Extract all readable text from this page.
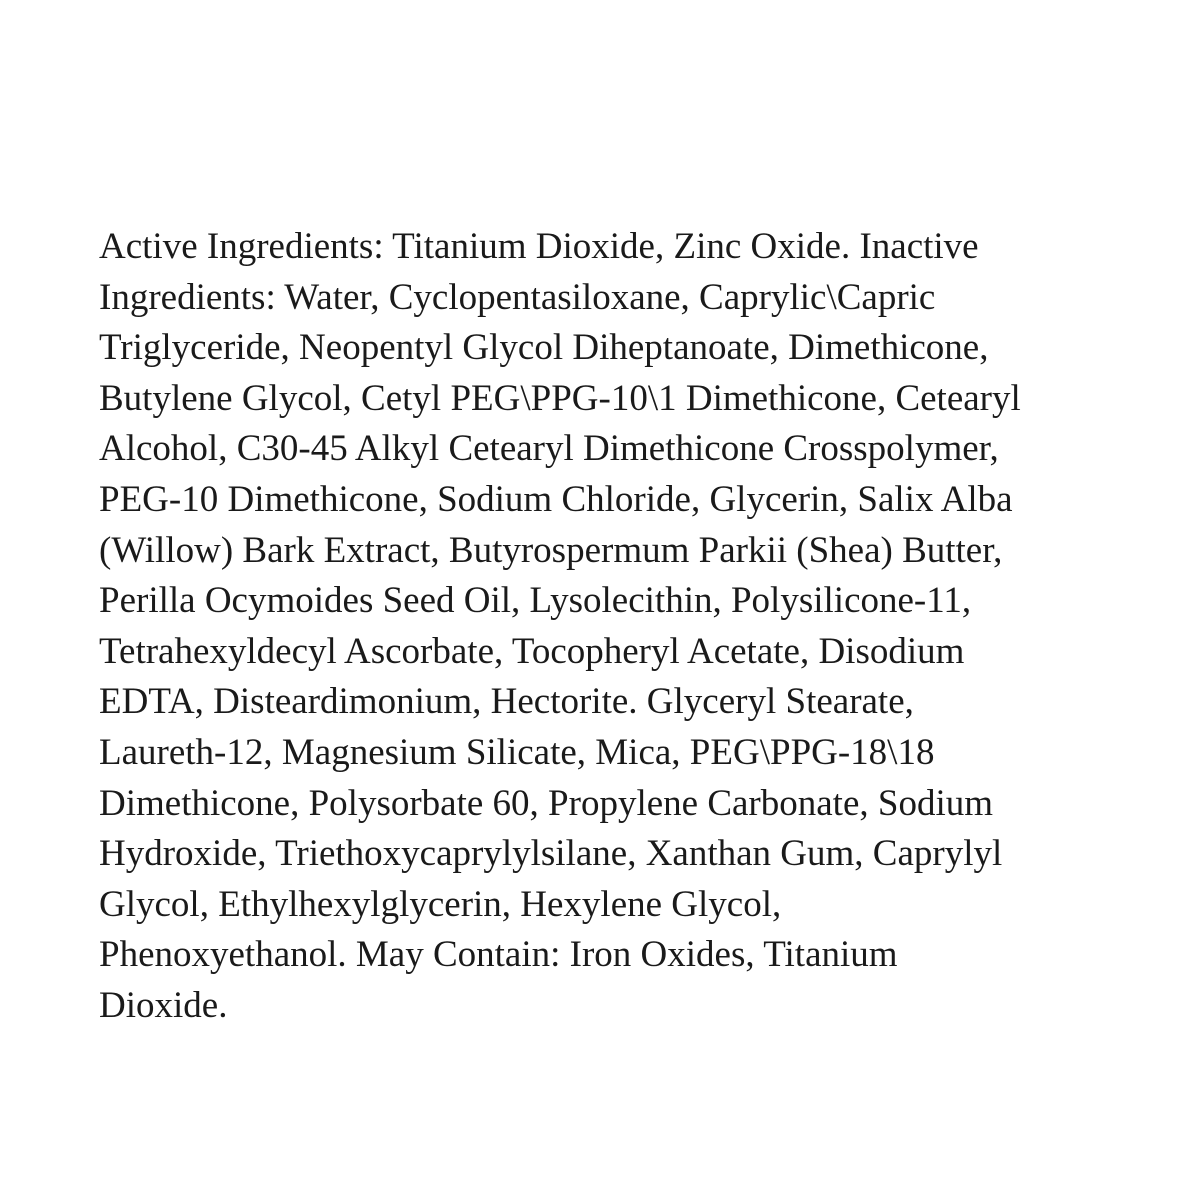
Active Ingredients: Titanium Dioxide, Zinc Oxide. Inactive
Ingredients: Water, Cyclopentasiloxane, Caprylic\Capric
Triglyceride, Neopentyl Glycol Diheptanoate, Dimethicone,
Butylene Glycol, Cetyl PEG\PPG-10\1 Dimethicone, Cetearyl
Alcohol, C30-45 Alkyl Cetearyl Dimethicone Crosspolymer,
PEG-10 Dimethicone, Sodium Chloride, Glycerin, Salix Alba
(Willow) Bark Extract, Butyrospermum Parkii (Shea) Butter,
Perilla Ocymoides Seed Oil, Lysolecithin, Polysilicone-11,
Tetrahexyldecyl Ascorbate, Tocopheryl Acetate, Disodium
EDTA, Disteardimonium, Hectorite. Glyceryl Stearate,
Laureth-12, Magnesium Silicate, Mica, PEG\PPG-18\18
Dimethicone, Polysorbate 60, Propylene Carbonate, Sodium
Hydroxide, Triethoxycaprylylsilane, Xanthan Gum, Caprylyl
Glycol, Ethylhexylglycerin, Hexylene Glycol,
Phenoxyethanol. May Contain: Iron Oxides, Titanium
Dioxide.
